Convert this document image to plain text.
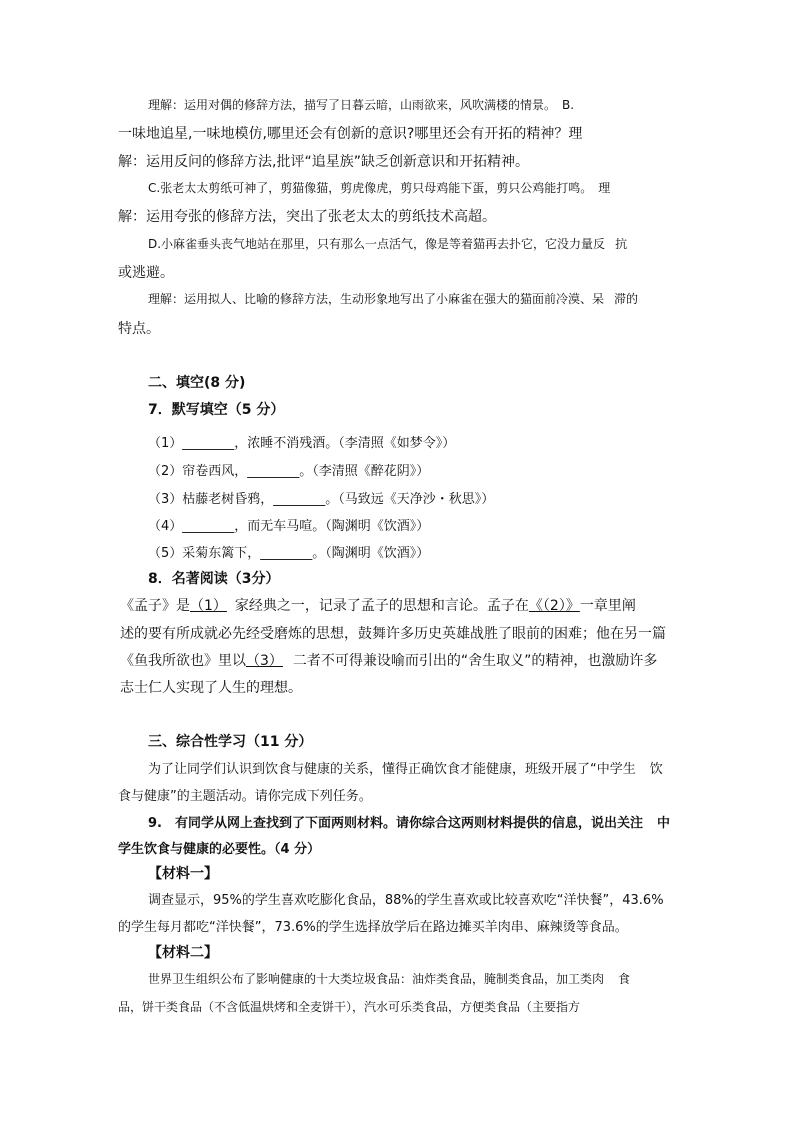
理解：运用对偶的修辞方法，描写了日暮云暗，山雨欲来，风吹满楼的情景。　B.
一味地追星,一味地模仿,哪里还会有创新的意识?哪里还会有开拓的精神？理
解：运用反问的修辞方法,批评“追星族”缺乏创新意识和开拓精神。
C.张老太太剪纸可神了，剪猫像猫，剪虎像虎，剪只母鸡能下蛋，剪只公鸡能打鸣。　理
解：运用夸张的修辞方法，突出了张老太太的剪纸技术高超。
D.小麻雀垂头丧气地站在那里，只有那么一点活气，像是等着猫再去扑它，它没力量反 抗
或逃避。
理解：运用拟人、比喻的修辞方法，生动形象地写出了小麻雀在强大的猫面前冷漠、呆 滞的
特点。
二、填空(8 分)
7．默写填空（5 分）
（1）________，浓睡不消残酒。（李清照《如梦令》）
（2）帘卷西风，________。（李清照《醉花阴》）
（3）枯藤老树昏鸦，________。（马致远《天净沙・秋思》）
（4）________，而无车马喧。（陶渊明《饮酒》）
（5）采菊东篱下，________。（陶渊明《饮酒》）
8．名著阅读（3分）
《孟子》是（1） 家经典之一，记录了孟子的思想和言论。孟子在《（2）》一章里阐
述的要有所成就必先经受磨炼的思想，鼓舞许多历史英雄战胜了眼前的困难；他在另一篇
《鱼我所欲也》里以（3） 二者不可得兼设喻而引出的“舍生取义”的精神，也激励许多
志士仁人实现了人生的理想。
三、综合性学习（11 分）
为了让同学们认识到饮食与健康的关系，懂得正确饮食才能健康，班级开展了“中学生 饮
食与健康”的主题活动。请你完成下列任务。
9.　有同学从网上查找到了下面两则材料。请你综合这两则材料提供的信息，说出关注 中
学生饮食与健康的必要性。（4 分）
【材料一】
调查显示，95%的学生喜欢吃膨化食品，88%的学生喜欢或比较喜欢吃“洋快餐”，43.6%
的学生每月都吃“洋快餐”，73.6%的学生选择放学后在路边摊买羊肉串、麻辣烫等食品。
【材料二】
世界卫生组织公布了影响健康的十大类垃圾食品：油炸类食品，腌制类食品，加工类肉 食
品，饼干类食品（不含低温烘烤和全麦饼干），汽水可乐类食品，方便类食品（主要指方
